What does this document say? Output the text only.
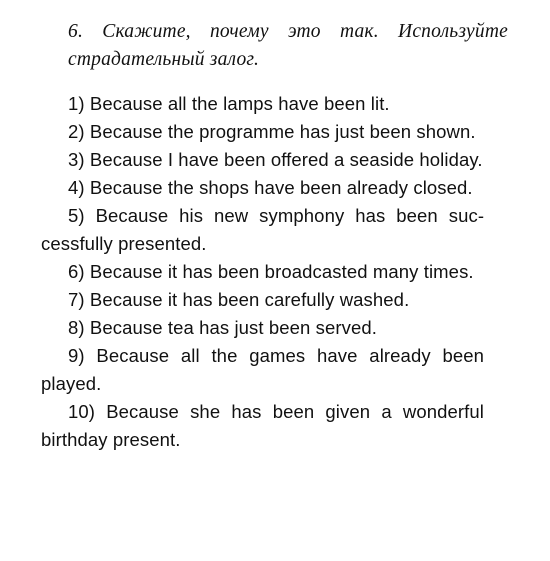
6. Скажите, почему это так. Используйте страдательный залог.
1) Because all the lamps have been lit.
2) Because the programme has just been shown.
3) Because I have been offered a seaside holiday.
4) Because the shops have been already closed.
5) Because his new symphony has been successfully presented.
6) Because it has been broadcasted many times.
7) Because it has been carefully washed.
8) Because tea has just been served.
9) Because all the games have already been played.
10) Because she has been given a wonderful birthday present.
